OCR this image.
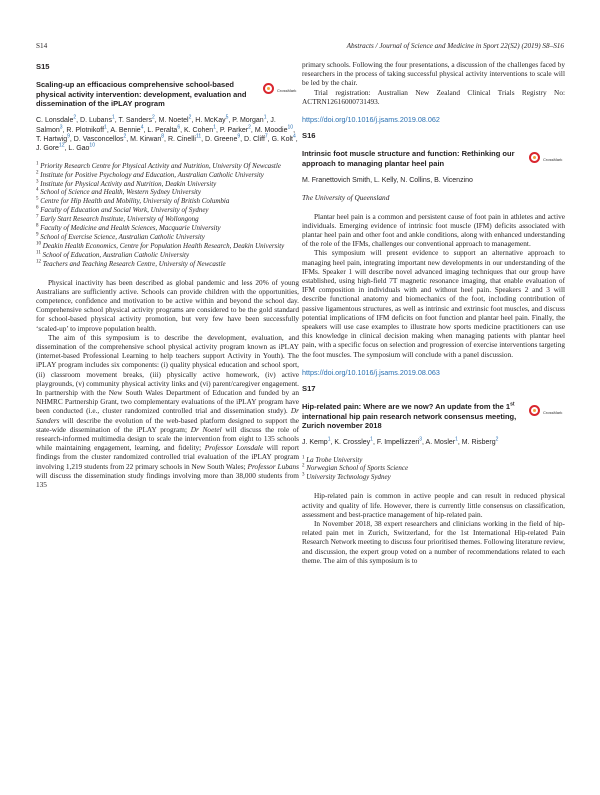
S14	Abstracts / Journal of Science and Medicine in Sport 22(S2) (2019) S8–S16
S15

Scaling-up an efficacious comprehensive school-based physical activity intervention: development, evaluation and dissemination of the iPLAY program

CrossMark
C. Lonsdale$^2$, D. Lubans$^1$, T. Sanders$^2$, M. Noetel$^2$, H. McKay$^5$, P. Morgan$^1$, J. Salmon$^3$, R. Plotnikoff$^1$, A. Bennie$^4$, L. Peralta$^6$, K. Cohen$^1$, P. Parker$^2$, M. Moodie$^{10}$, T. Hartwig$^9$, D. Vasconcellos$^2$, M. Kirwan$^8$, R. Cinelli$^{11}$, D. Greene$^9$, D. Cliff$^7$, G. Kolt$^4$, J. Gore$^{12}$, L. Gao$^{10}$

$^1$ Priority Research Centre for Physical Activity and Nutrition, University Of Newcastle

$^2$ Institute for Positive Psychology and Education, Australian Catholic University

$^3$ Institute for Physical Activity and Nutrition, Deakin University

$^4$ School of Science and Health, Western Sydney University

$^5$ Centre for Hip Health and Mobility, University of British Columbia

$^6$ Faculty of Education and Social Work, University of Sydney

$^7$ Early Start Research Institute, University of Wollongong

$^8$ Faculty of Medicine and Health Sciences, Macquarie University

$^9$ School of Exercise Science, Australian Catholic University

$^{10}$ Deakin Health Economics, Centre for Population Health Research, Deakin University

$^{11}$ School of Education, Australian Catholic University

$^{12}$ Teachers and Teaching Research Centre, University of Newcastle

Physical inactivity has been described as global pandemic and less 20% of young Australians are sufficiently active. Schools can provide children with the opportunities, competence, confidence and motivation to be active within and beyond the school day. Comprehensive school physical activity programs are considered to be the gold standard for school-based physical activity promotion, but very few have been successfully ‘scaled-up’ to improve population health.

The aim of this symposium is to describe the development, evaluation, and dissemination of the comprehensive school physical activity program known as iPLAY (internet-based Professional Learning to help teachers support Activity in Youth). The iPLAY program includes six components: (i) quality physical education and school sport, (ii) classroom movement breaks, (iii) physically active homework, (iv) active playgrounds, (v) community physical activity links and (vi) parent/caregiver engagement. In partnership with the New South Wales Department of Education and funded by an NHMRC Partnership Grant, two complementary evaluations of the iPLAY program have been conducted (i.e., cluster randomized controlled trial and dissemination study). Dr Sanders will describe the evolution of the web-based platform designed to support the state-wide dissemination of the iPLAY program; Dr Noetel will discuss the role of research-informed multimedia design to scale the intervention from eight to 135 schools while maintaining engagement, learning, and fidelity; Professor Lonsdale will report findings from the cluster randomized controlled trial evaluation of the iPLAY program involving 1,219 students from 22 primary schools in New South Wales; Professor Lubans will discuss the dissemination study findings involving more than 38,000 students from 135

primary schools. Following the four presentations, a discussion of the challenges faced by researchers in the process of taking successful physical activity interventions to scale will be led by the chair.

Trial registration: Australian New Zealand Clinical Trials Registry No: ACTRN12616000731493.

https://doi.org/10.1016/j.jsams.2019.08.062

S16

Intrinsic foot muscle structure and function: Rethinking our approach to managing plantar heel pain	CrossMark
M. Franettovich Smith, L. Kelly, N. Collins, B. Vicenzino
The University of Queensland

Plantar heel pain is a common and persistent cause of foot pain in athletes and active individuals. Emerging evidence of intrinsic foot muscle (IFM) deficits associated with plantar heel pain and other foot and ankle conditions, along with enhanced understanding of the role of the IFMs, challenges our conventional approach to management.

This symposium will present evidence to support an alternative approach to managing heel pain, integrating important new developments in our understanding of the IFMs. Speaker 1 will describe novel advanced imaging techniques that our group have established, using high-field 7T magnetic resonance imaging, that enable evaluation of IFM composition in individuals with and without heel pain. Speakers 2 and 3 will describe functional anatomy and biomechanics of the foot, including contribution of passive ligamentous structures, as well as intrinsic and extrinsic foot muscles, and discuss potential implications of IFM deficits on foot function and plantar heel pain. Finally, the speakers will use case examples to illustrate how sports medicine practitioners can use this knowledge in clinical decision making when managing patients with plantar heel pain, with a specific focus on selection and progression of exercise interventions targeting the foot muscles. The symposium will conclude with a panel discussion.

https://doi.org/10.1016/j.jsams.2019.08.063

S17

Hip-related pain: Where are we now? An update from the 1st international hip pain research network consensus meeting, Zurich november 2018

CrossMark
J. Kemp$^1$, K. Crossley$^1$, F. Impellizzeri$^3$, A. Mosler$^1$, M. Risberg$^2$

$^1$ La Trobe University

$^2$ Norwegian School of Sports Science

$^3$ University Technology Sydney

Hip-related pain is common in active people and can result in reduced physical activity and quality of life. However, there is currently little consensus on classification, assessment and best-practice management of hip-related pain.

In November 2018, 38 expert researchers and clinicians working in the field of hip-related pain met in Zurich, Switzerland, for the 1st International Hip-related Pain Research Network meeting to discuss four prioritised themes. Following literature review, and discussion, the expert group voted on a number of recommendations related to each theme. The aim of this symposium is to
